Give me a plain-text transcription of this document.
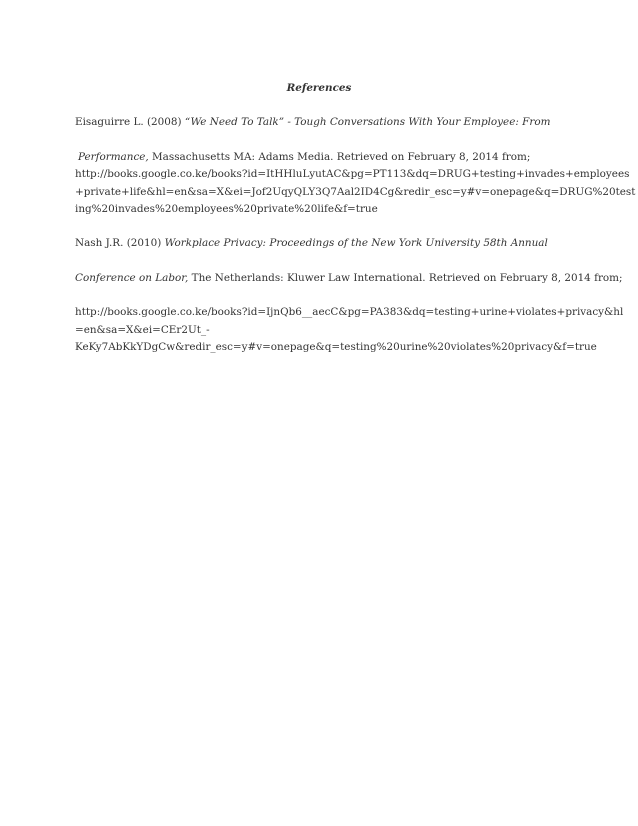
References
Eisaguirre L. (2008) “We Need To Talk” - Tough Conversations With Your Employee: From
Performance, Massachusetts MA: Adams Media. Retrieved on February 8, 2014 from;
http://books.google.co.ke/books?id=ItHHluLyutAC&pg=PT113&dq=DRUG+testing+invades+employees
+private+life&hl=en&sa=X&ei=Jof2UqyQLY3Q7Aal2ID4Cg&redir_esc=y#v=onepage&q=DRUG%20test
ing%20invades%20employees%20private%20life&f=true
Nash J.R. (2010) Workplace Privacy: Proceedings of the New York University 58th Annual
Conference on Labor, The Netherlands: Kluwer Law International. Retrieved on February 8, 2014 from;
http://books.google.co.ke/books?id=IjnQb6__aecC&pg=PA383&dq=testing+urine+violates+privacy&hl
=en&sa=X&ei=CEr2Ut_-
KeKy7AbKkYDgCw&redir_esc=y#v=onepage&q=testing%20urine%20violates%20privacy&f=true
